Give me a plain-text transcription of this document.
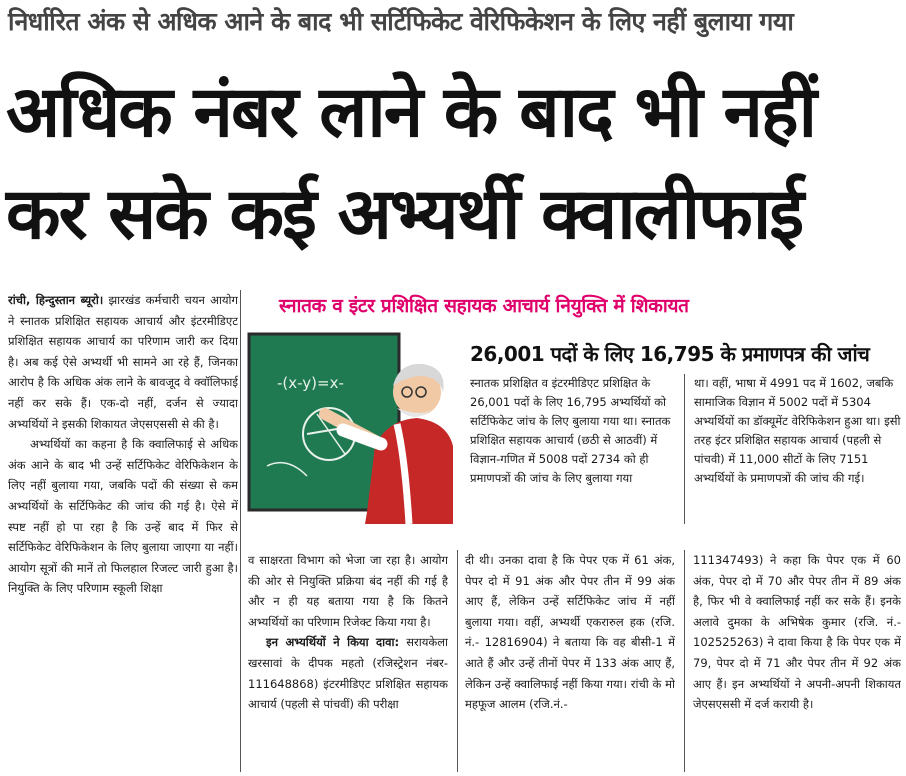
निर्धारित अंक से अधिक आने के बाद भी सर्टिफिकेट वेरिफिकेशन के लिए नहीं बुलाया गया
अधिक नंबर लाने के बाद भी नहीं
कर सके कई अभ्यर्थी क्वालीफाई

रांची, हिन्दुस्तान ब्यूरो। झारखंड कर्मचारी चयन आयोग ने स्नातक प्रशिक्षित सहायक आचार्य और इंटरमीडिएट प्रशिक्षित सहायक आचार्य का परिणाम जारी कर दिया है। अब कई ऐसे अभ्यर्थी भी सामने आ रहे हैं, जिनका आरोप है कि अधिक अंक लाने के बावजूद वे क्वॉलिफाई नहीं कर सके हैं। एक-दो नहीं, दर्जन से ज्यादा अभ्यर्थियों ने इसकी शिकायत जेएसएससी से की है।

अभ्यर्थियों का कहना है कि क्वालिफाई से अधिक अंक आने के बाद भी उन्हें सर्टिफिकेट वेरिफिकेशन के लिए नहीं बुलाया गया, जबकि पदों की संख्या से कम अभ्यर्थियों के सर्टिफिकेट की जांच की गई है। ऐसे में स्पष्ट नहीं हो पा रहा है कि उन्हें बाद में फिर से सर्टिफिकेट वेरिफिकेशन के लिए बुलाया जाएगा या नहीं। आयोग सूत्रों की मानें तो फिलहाल रिजल्ट जारी हुआ है। नियुक्ति के लिए परिणाम स्कूली शिक्षा

स्नातक व इंटर प्रशिक्षित सहायक आचार्य नियुक्ति में शिकायत
-(x-y)=x-
26,001 पदों के लिए 16,795 के प्रमाणपत्र की जांच
स्नातक प्रशिक्षित व इंटरमीडिएट प्रशिक्षित के 26,001 पदों के लिए 16,795 अभ्यर्थियों को सर्टिफिकेट जांच के लिए बुलाया गया था। स्नातक प्रशिक्षित सहायक आचार्य (छठी से आठवीं) में विज्ञान-गणित में 5008 पदों 2734 को ही प्रमाणपत्रों की जांच के लिए बुलाया गया
था। वहीं, भाषा में 4991 पद में 1602, जबकि सामाजिक विज्ञान में 5002 पदों में 5304 अभ्यर्थियों का डॉक्यूमेंट वेरिफिकेशन हुआ था। इसी तरह इंटर प्रशिक्षित सहायक आचार्य (पहली से पांचवी) में 11,000 सीटों के लिए 7151 अभ्यर्थियों के प्रमाणपत्रों की जांच की गई।

व साक्षरता विभाग को भेजा जा रहा है। आयोग की ओर से नियुक्ति प्रक्रिया बंद नहीं की गई है और न ही यह बताया गया है कि कितने अभ्यर्थियों का परिणाम रिजेक्ट किया गया है।

इन अभ्यर्थियों ने किया दावा: सरायकेला खरसावां के दीपक महतो (रजिस्ट्रेशन नंबर- 111648868) इंटरमीडिएट प्रशिक्षित सहायक आचार्य (पहली से पांचवीं) की परीक्षा

दी थी। उनका दावा है कि पेपर एक में 61 अंक, पेपर दो में 91 अंक और पेपर तीन में 99 अंक आए हैं, लेकिन उन्हें सर्टिफिकेट जांच में नहीं बुलाया गया। वहीं, अभ्यर्थी एकरारुल हक (रजि. नं.- 12816904) ने बताया कि वह बीसी-1 में आते हैं और उन्हें तीनों पेपर में 133 अंक आए हैं, लेकिन उन्हें क्वालिफाई नहीं किया गया। रांची के मो महफूज आलम (रजि.नं.-
111347493) ने कहा कि पेपर एक में 60 अंक, पेपर दो में 70 और पेपर तीन में 89 अंक है, फिर भी वे क्वालिफाई नहीं कर सके हैं। इनके अलावे दुमका के अभिषेक कुमार (रजि. नं.- 102525263) ने दावा किया है कि पेपर एक में 79, पेपर दो में 71 और पेपर तीन में 92 अंक आए हैं। इन अभ्यर्थियों ने अपनी-अपनी शिकायत जेएसएससी में दर्ज करायी है।
